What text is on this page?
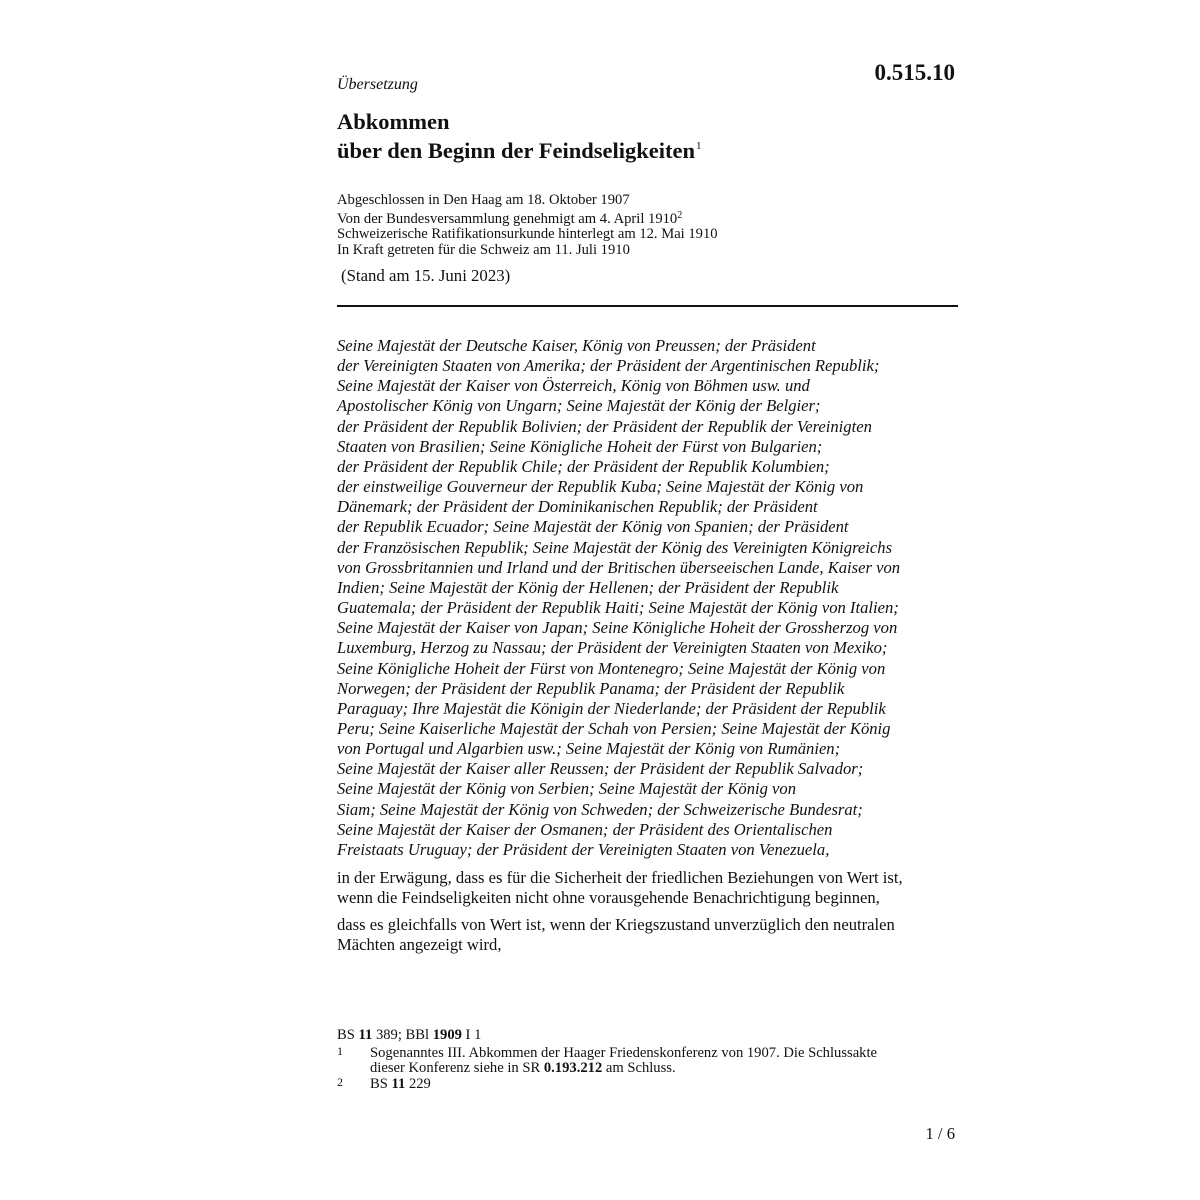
Übersetzung	0.515.10
Abkommen
über den Beginn der Feindseligkeiten$^1$
Abgeschlossen in Den Haag am 18. Oktober 1907
Von der Bundesversammlung genehmigt am 4. April 1910$^2$
Schweizerische Ratifikationsurkunde hinterlegt am 12. Mai 1910
In Kraft getreten für die Schweiz am 11. Juli 1910
(Stand am 15. Juni 2023)
Seine Majestät der Deutsche Kaiser, König von Preussen; der Präsident
der Vereinigten Staaten von Amerika; der Präsident der Argentinischen Republik;
Seine Majestät der Kaiser von Österreich, König von Böhmen usw. und
Apostolischer König von Ungarn; Seine Majestät der König der Belgier;
der Präsident der Republik Bolivien; der Präsident der Republik der Vereinigten
Staaten von Brasilien; Seine Königliche Hoheit der Fürst von Bulgarien;
der Präsident der Republik Chile; der Präsident der Republik Kolumbien;
der einstweilige Gouverneur der Republik Kuba; Seine Majestät der König von
Dänemark; der Präsident der Dominikanischen Republik; der Präsident
der Republik Ecuador; Seine Majestät der König von Spanien; der Präsident
der Französischen Republik; Seine Majestät der König des Vereinigten Königreichs
von Grossbritannien und Irland und der Britischen überseeischen Lande, Kaiser von
Indien; Seine Majestät der König der Hellenen; der Präsident der Republik
Guatemala; der Präsident der Republik Haiti; Seine Majestät der König von Italien;
Seine Majestät der Kaiser von Japan; Seine Königliche Hoheit der Grossherzog von
Luxemburg, Herzog zu Nassau; der Präsident der Vereinigten Staaten von Mexiko;
Seine Königliche Hoheit der Fürst von Montenegro; Seine Majestät der König von
Norwegen; der Präsident der Republik Panama; der Präsident der Republik
Paraguay; Ihre Majestät die Königin der Niederlande; der Präsident der Republik
Peru; Seine Kaiserliche Majestät der Schah von Persien; Seine Majestät der König
von Portugal und Algarbien usw.; Seine Majestät der König von Rumänien;
Seine Majestät der Kaiser aller Reussen; der Präsident der Republik Salvador;
Seine Majestät der König von Serbien; Seine Majestät der König von
Siam; Seine Majestät der König von Schweden; der Schweizerische Bundesrat;
Seine Majestät der Kaiser der Osmanen; der Präsident des Orientalischen
Freistaats Uruguay; der Präsident der Vereinigten Staaten von Venezuela,
in der Erwägung, dass es für die Sicherheit der friedlichen Beziehungen von Wert ist,
wenn die Feindseligkeiten nicht ohne vorausgehende Benachrichtigung beginnen,
dass es gleichfalls von Wert ist, wenn der Kriegszustand unverzüglich den neutralen
Mächten angezeigt wird,
BS 11 389; BBl 1909 I 1
1 Sogenanntes III. Abkommen der Haager Friedenskonferenz von 1907. Die Schlussakte
dieser Konferenz siehe in SR 0.193.212 am Schluss.
2 BS 11 229
1 / 6
